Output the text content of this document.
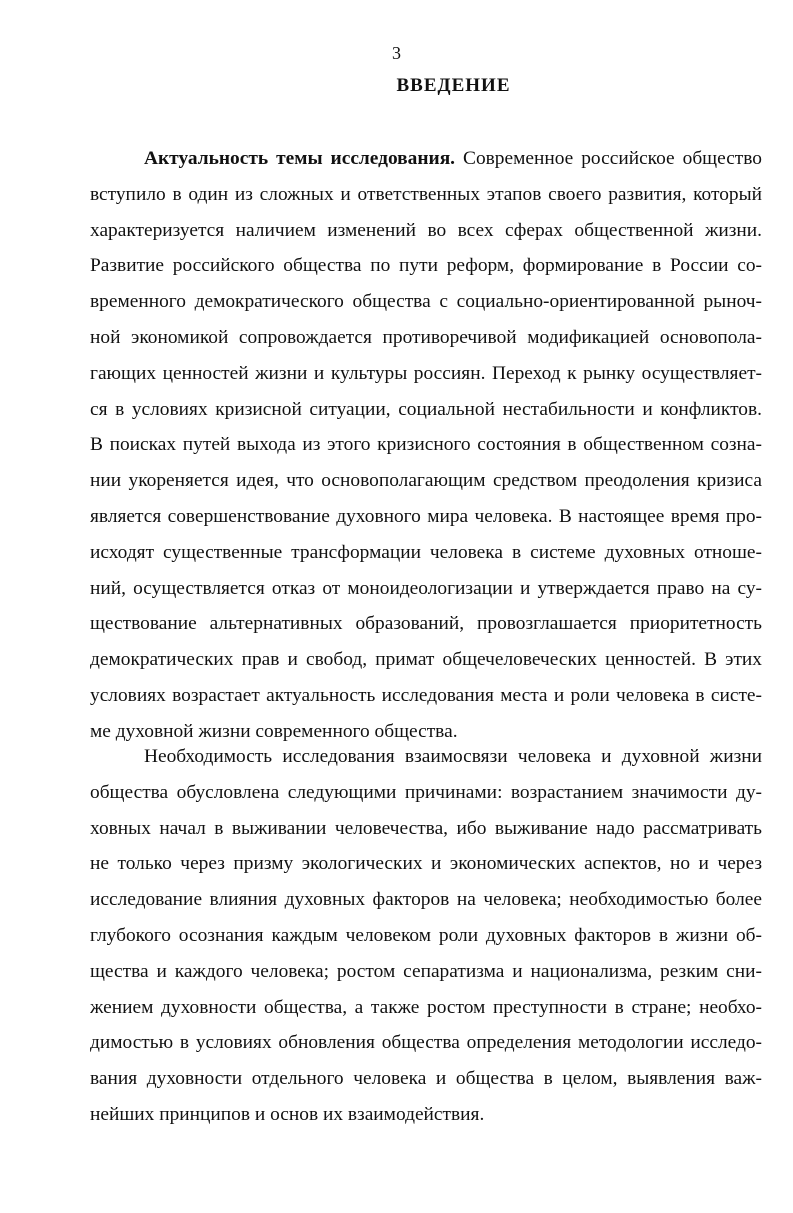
3
ВВЕДЕНИЕ
Актуальность темы исследования. Современное российское общество
вступило в один из сложных и ответственных этапов своего развития, который
характеризуется наличием изменений во всех сферах общественной жизни.
Развитие российского общества по пути реформ, формирование в России со-
временного демократического общества с социально-ориентированной рыноч-
ной экономикой сопровождается противоречивой модификацией основопола-
гающих ценностей жизни и культуры россиян. Переход к рынку осуществляет-
ся в условиях кризисной ситуации, социальной нестабильности и конфликтов.
В поисках путей выхода из этого кризисного состояния в общественном созна-
нии укореняется идея, что основополагающим средством преодоления кризиса
является совершенствование духовного мира человека. В настоящее время про-
исходят существенные трансформации человека в системе духовных отноше-
ний, осуществляется отказ от моноидеологизации и утверждается право на су-
ществование альтернативных образований, провозглашается приоритетность
демократических прав и свобод, примат общечеловеческих ценностей. В этих
условиях возрастает актуальность исследования места и роли человека в систе-
ме духовной жизни современного общества.
Необходимость исследования взаимосвязи человека и духовной жизни
общества обусловлена следующими причинами: возрастанием значимости ду-
ховных начал в выживании человечества, ибо выживание надо рассматривать
не только через призму экологических и экономических аспектов, но и через
исследование влияния духовных факторов на человека; необходимостью более
глубокого осознания каждым человеком роли духовных факторов в жизни об-
щества и каждого человека; ростом сепаратизма и национализма, резким сни-
жением духовности общества, а также ростом преступности в стране; необхо-
димостью в условиях обновления общества определения методологии исследо-
вания духовности отдельного человека и общества в целом, выявления важ-
нейших принципов и основ их взаимодействия.
